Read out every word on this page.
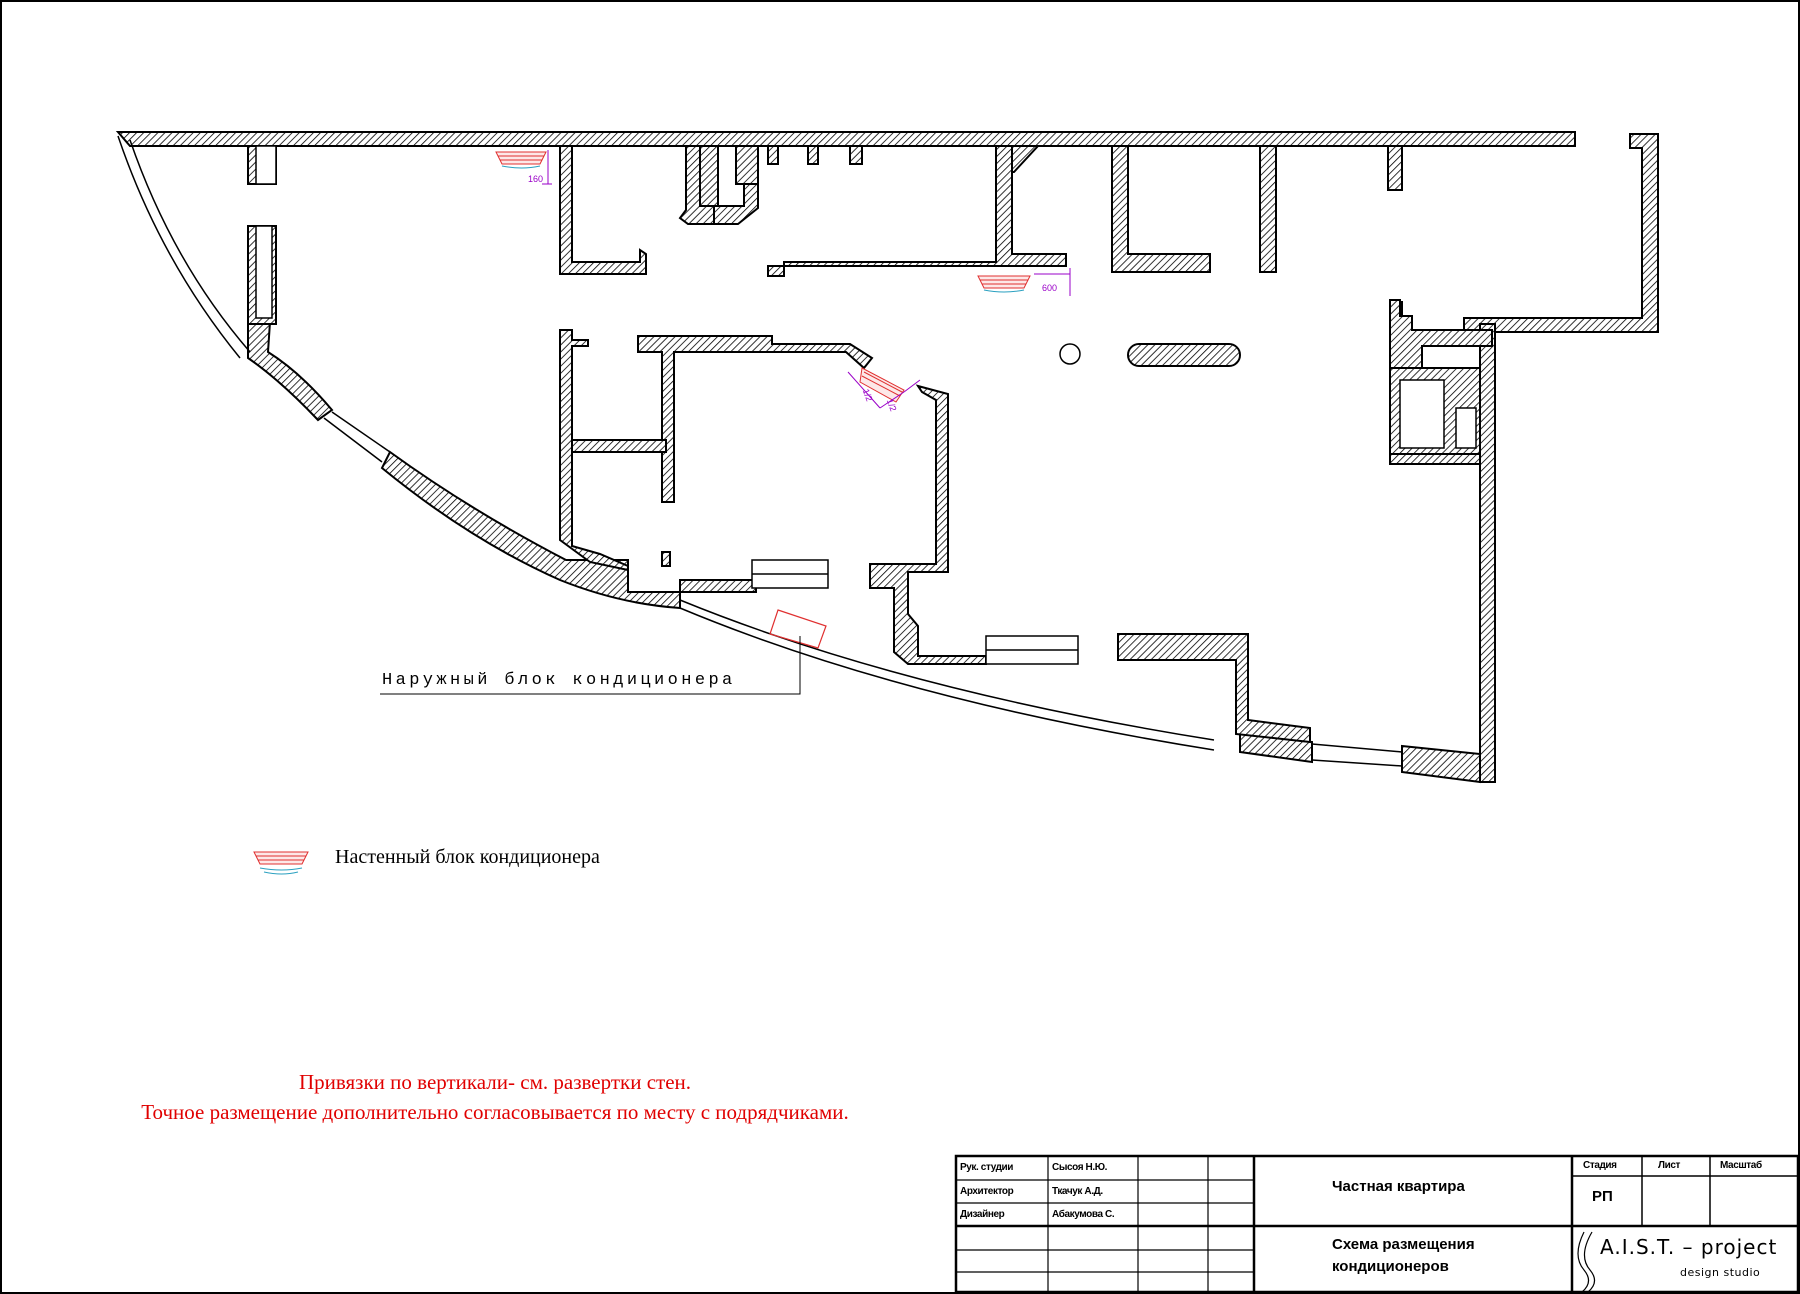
160
600
1/2
1/2
Наружный блок кондиционера
Настенный блок кондиционера
Привязки по вертикали- см. развертки стен.
Точное размещение дополнительно согласовывается по месту с подрядчиками.
Рук. студии
Архитектор
Дизайнер
Сысоя Н.Ю.
Ткачук А.Д.
Абакумова С.
Частная квартира
Схема размещения
кондиционеров
Стадия	Лист	Масштаб
РП
A.I.S.T. – project
design studio
